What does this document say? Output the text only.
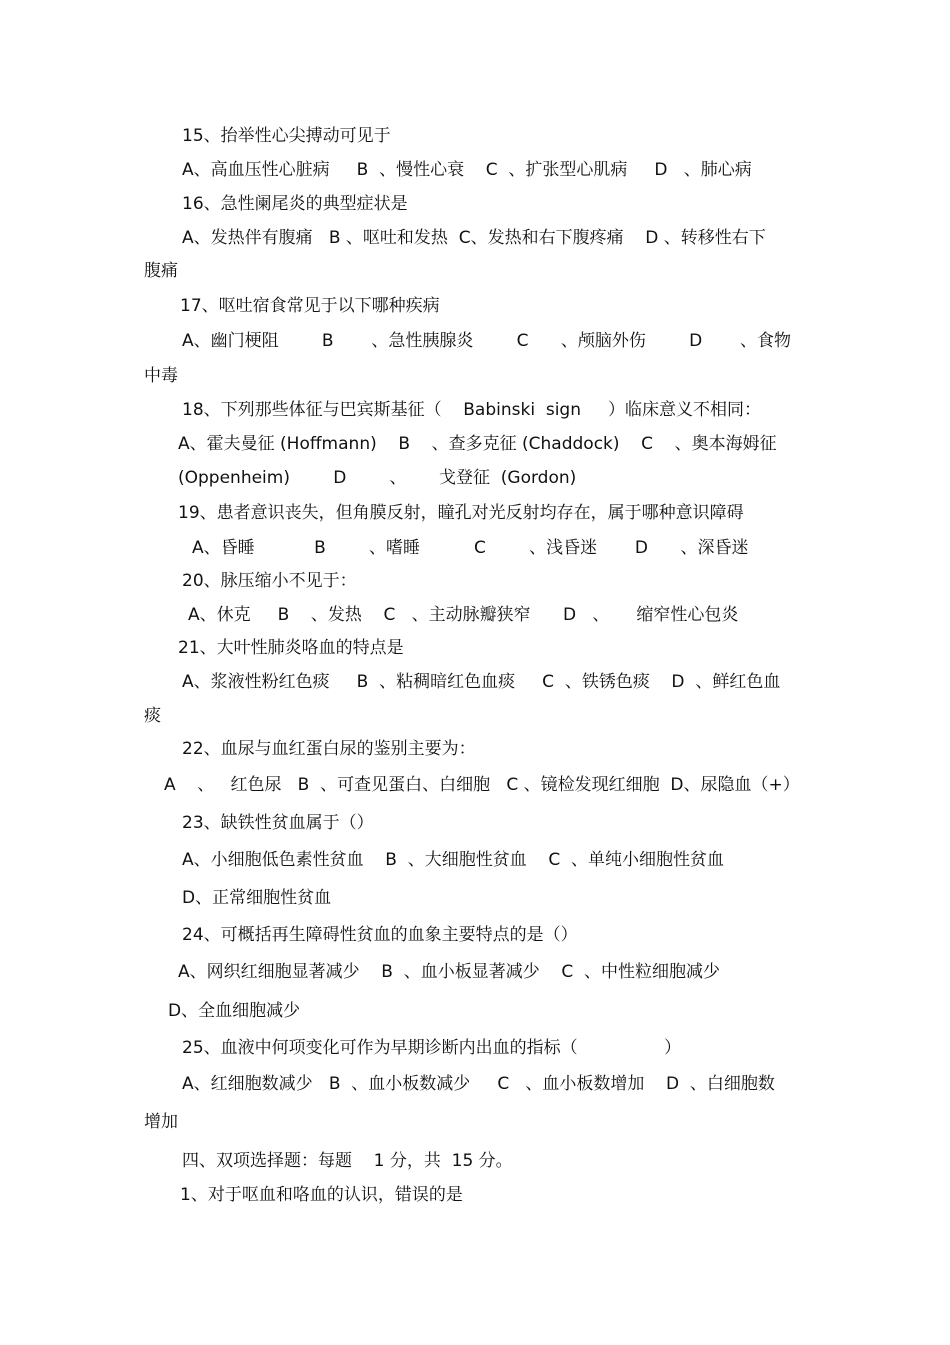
15、抬举性心尖搏动可见于

A、高血压性心脏病     B  、慢性心衰    C  、扩张型心肌病     D   、肺心病

16、急性阑尾炎的典型症状是

A、发热伴有腹痛   B 、呕吐和发热  C、发热和右下腹疼痛    D 、转移性右下

腹痛

17、呕吐宿食常见于以下哪种疾病

A、幽门梗阻        B       、急性胰腺炎        C      、颅脑外伤        D       、食物

中毒

18、下列那些体征与巴宾斯基征（    Babinski  sign     ）临床意义不相同：

A、霍夫曼征 (Hoffmann)    B    、查多克征 (Chaddock)    C    、奥本海姆征

(Oppenheim)        D        、      戈登征  (Gordon)

19、患者意识丧失，但角膜反射，瞳孔对光反射均存在，属于哪种意识障碍

A、昏睡           B        、嗜睡          C        、浅昏迷       D      、深昏迷

20、脉压缩小不见于：

A、休克     B    、发热    C   、主动脉瓣狭窄      D   、     缩窄性心包炎

21、大叶性肺炎咯血的特点是

A、浆液性粉红色痰     B  、粘稠暗红色血痰     C  、铁锈色痰    D  、鲜红色血

痰

22、血尿与血红蛋白尿的鉴别主要为：

A    、   红色尿   B  、可查见蛋白、白细胞   C 、镜检发现红细胞  D、尿隐血（+）

23、缺铁性贫血属于（）

A、小细胞低色素性贫血    B  、大细胞性贫血    C  、单纯小细胞性贫血

D、正常细胞性贫血

24、可概括再生障碍性贫血的血象主要特点的是（）

A、网织红细胞显著减少    B  、血小板显著减少    C  、中性粒细胞减少

D、全血细胞减少

25、血液中何项变化可作为早期诊断内出血的指标（                ）

A、红细胞数减少   B  、血小板数减少     C   、血小板数增加    D  、白细胞数

增加

四、双项选择题：每题    1 分，共  15 分。

1、对于呕血和咯血的认识，错误的是
